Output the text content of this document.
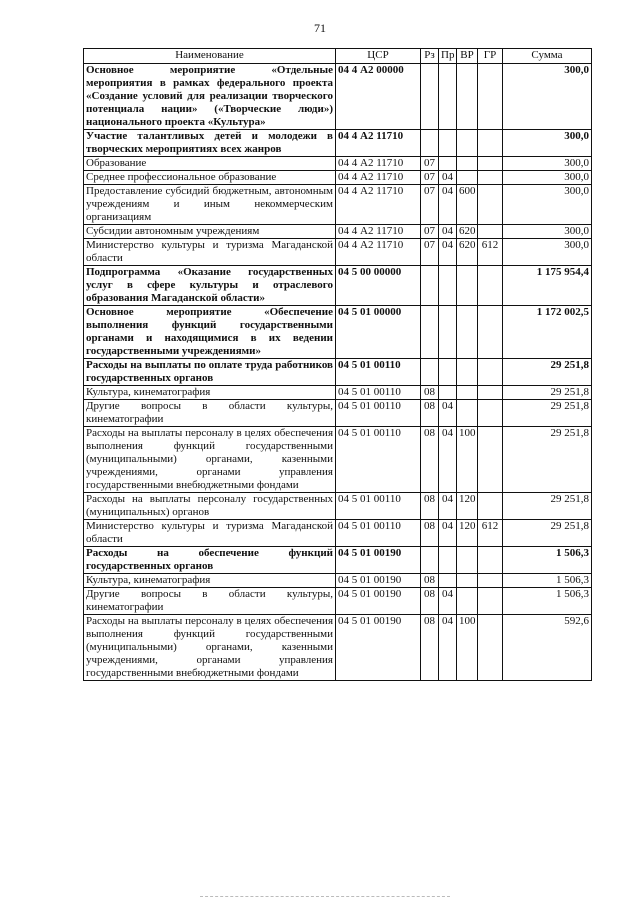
71
Наименование	ЦСР	Рз	Пр	ВР	ГР	Сумма
Основное мероприятие «Отдельные мероприятия в рамках федерального проекта «Создание условий для реализации творческого потенциала нации» («Творческие люди») национального проекта «Культура»	04 4 А2 00000					300,0
Участие талантливых детей и молодежи в творческих мероприятиях всех жанров	04 4 А2 11710					300,0
Образование	04 4 А2 11710	07				300,0
Среднее профессиональное образование	04 4 А2 11710	07	04			300,0
Предоставление субсидий бюджетным, автономным учреждениям и иным некоммерческим организациям	04 4 А2 11710	07	04	600		300,0
Субсидии автономным учреждениям	04 4 А2 11710	07	04	620		300,0
Министерство культуры и туризма Магаданской области	04 4 А2 11710	07	04	620	612	300,0
Подпрограмма «Оказание государственных услуг в сфере культуры и отраслевого образования Магаданской области»	04 5 00 00000					1 175 954,4
Основное мероприятие «Обеспечение выполнения функций государственными органами и находящимися в их ведении государственными учреждениями»	04 5 01 00000					1 172 002,5
Расходы на выплаты по оплате труда работников государственных органов	04 5 01 00110					29 251,8
Культура, кинематография	04 5 01 00110	08				29 251,8
Другие вопросы в области культуры, кинематографии	04 5 01 00110	08	04			29 251,8
Расходы на выплаты персоналу в целях обеспечения выполнения функций государственными (муниципальными) органами, казенными учреждениями, органами управления государственными внебюджетными фондами	04 5 01 00110	08	04	100		29 251,8
Расходы на выплаты персоналу государственных (муниципальных) органов	04 5 01 00110	08	04	120		29 251,8
Министерство культуры и туризма Магаданской области	04 5 01 00110	08	04	120	612	29 251,8
Расходы на обеспечение функций государственных органов	04 5 01 00190					1 506,3
Культура, кинематография	04 5 01 00190	08				1 506,3
Другие вопросы в области культуры, кинематографии	04 5 01 00190	08	04			1 506,3
Расходы на выплаты персоналу в целях обеспечения выполнения функций государственными (муниципальными) органами, казенными учреждениями, органами управления государственными внебюджетными фондами	04 5 01 00190	08	04	100		592,6
